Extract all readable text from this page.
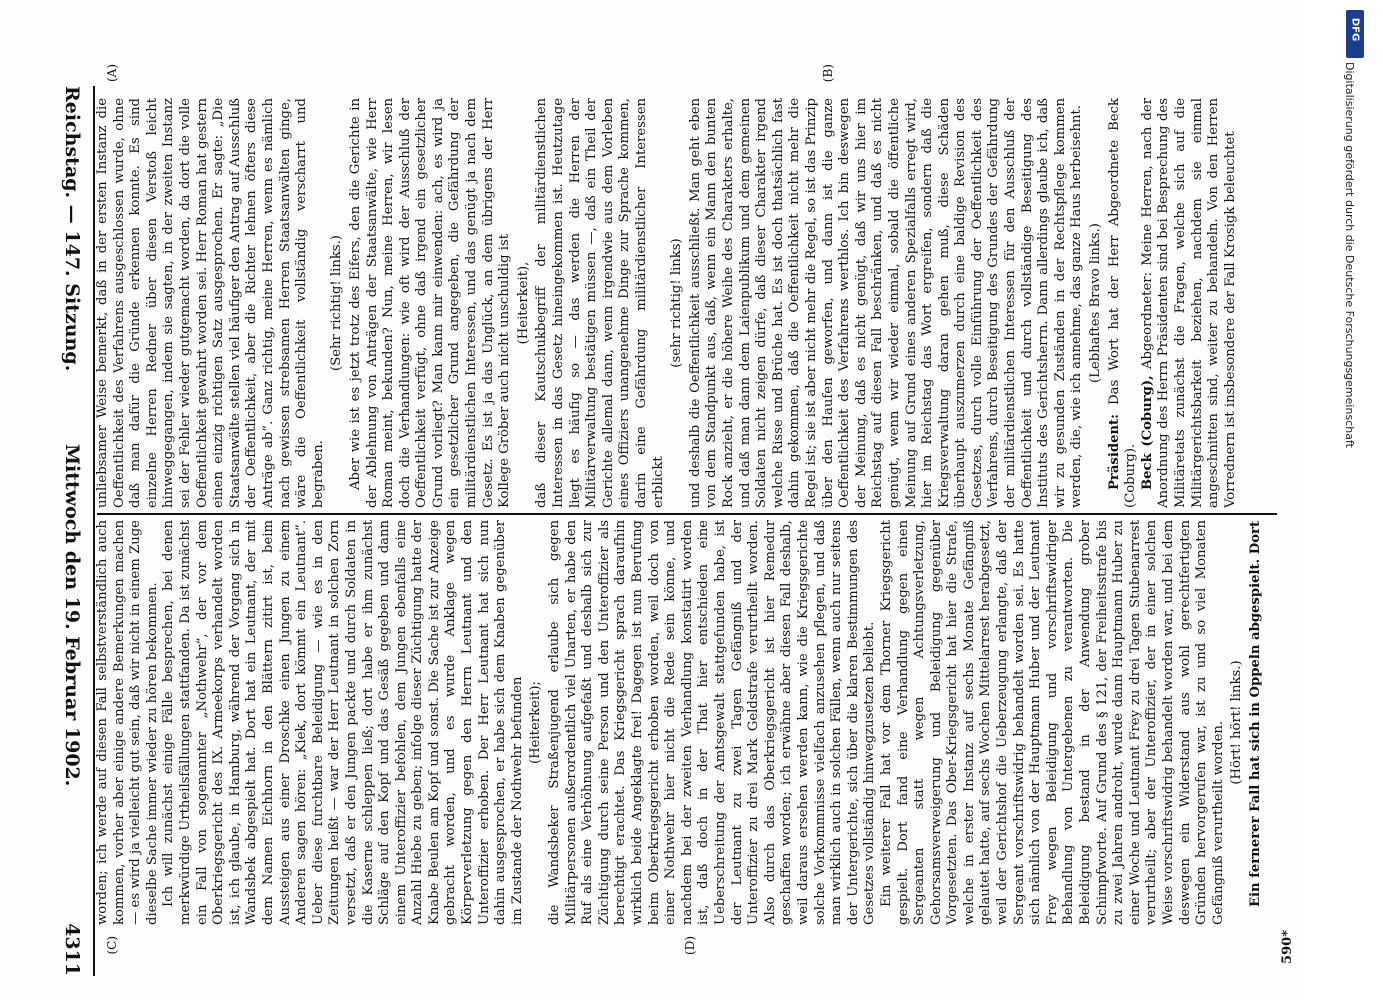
Reichstag. — 147. Sitzung.
Mittwoch den 19. Februar 1902.
4311
(A)	(B)
(C)	(D)	590*

unliebsamer Weise bemerkt, daß in der ersten Instanz die Oeffentlichkeit des Verfahrens ausgeschlossen wurde, ohne daß man dafür die Gründe erkennen konnte. Es sind einzelne Herren Redner über diesen Verstoß leicht hinweggegangen, indem sie sagten, in der zweiten Instanz sei der Fehler wieder gutgemacht worden, da dort die volle Oeffentlichkeit gewahrt worden sei. Herr Roman hat gestern einen einzig richtigen Satz ausgesprochen. Er sagte: „Die Staatsanwälte stellen viel häufiger den Antrag auf Ausschluß der Oeffentlichkeit, aber die Richter lehnen öfters diese Anträge ab“. Ganz richtig, meine Herren, wenn es nämlich nach gewissen strebsamen Herren Staatsanwälten ginge, wäre die Oeffentlichkeit vollständig verscharrt und begraben.

(Sehr richtig! links.) Aber wie ist es jetzt trotz des Eifers, den die Gerichte in der Ablehnung von Anträgen der Staatsanwälte, wie Herr Roman meint, bekunden? Nun, meine Herren, wir lesen doch die Verhandlungen: wie oft wird der Ausschluß der Oeffentlichkeit verfügt, ohne daß irgend ein gesetzlicher Grund vorliegt? Man kann mir einwenden: ach, es wird ja ein gesetzlicher Grund angegeben, die Gefährdung der militärdienstlichen Interessen, und das genügt ja nach dem Gesetz. Es ist ja das Unglück, an dem übrigens der Herr Kollege Gröber auch nicht unschuldig ist (Heiterkeit), daß dieser Kautschukbegriff der militärdienstlichen Interessen in das Gesetz hineingekommen ist. Heutzutage liegt es häufig so — das werden die Herren der Militärverwaltung bestätigen müssen —, daß ein Theil der Gerichte allemal dann, wenn irgendwie aus dem Vorleben eines Offiziers unangenehme Dinge zur Sprache kommen, darin eine Gefährdung militärdienstlicher Interessen erblickt

(sehr richtig! links) und deshalb die Oeffentlichkeit ausschließt. Man geht eben von dem Standpunkt aus, daß, wenn ein Mann den bunten Rock anzieht, er die höhere Weihe des Charakters erhalte, und daß man dann dem Laienpublikum und dem gemeinen Soldaten nicht zeigen dürfe, daß dieser Charakter irgend welche Risse und Brüche hat. Es ist doch thatsächlich fast dahin gekommen, daß die Oeffentlichkeit nicht mehr die Regel ist; sie ist aber nicht mehr die Regel, so ist das Prinzip über den Haufen geworfen, und dann ist die ganze Oeffentlichkeit des Verfahrens werthlos. Ich bin deswegen der Meinung, daß es nicht genügt, daß wir uns hier im Reichstag auf diesen Fall beschränken, und daß es nicht genügt, wenn wir wieder einmal, sobald die öffentliche Meinung auf Grund eines anderen Spezialfalls erregt wird, hier im Reichstag das Wort ergreifen, sondern daß die Kriegsverwaltung daran gehen muß, diese Schäden überhaupt auszumerzen durch eine baldige Revision des Gesetzes, durch volle Einführung der Oeffentlichkeit des Verfahrens, durch Beseitigung des Grundes der Gefährdung der militärdienstlichen Interessen für den Ausschluß der Oeffentlichkeit und durch vollständige Beseitigung des Instituts des Gerichtsherrn. Dann allerdings glaube ich, daß wir zu gesunden Zuständen in der Rechtspflege kommen werden, die, wie ich annehme, das ganze Haus herbeisehnt. (Lebhaftes Bravo links.)

Präsident: Das Wort hat der Herr Abgeordnete Beck (Coburg). Beck (Coburg), Abgeordneter: Meine Herren, nach der Anordnung des Herrn Präsidenten sind bei Besprechung des Militäretats zunächst die Fragen, welche sich auf die Militärgerichtsbarkeit beziehen, nachdem sie einmal angeschnitten sind, weiter zu behandeln. Von den Herren Vorrednern ist insbesondere der Fall Krosigk beleuchtet

worden; ich werde auf diesen Fall selbstverständlich auch kommen, vorher aber einige andere Bemerkungen machen — es wird ja vielleicht gut sein, daß wir nicht in einem Zuge dieselbe Sache immer wieder zu hören bekommen. Ich will zunächst einige Fälle besprechen, bei denen merkwürdige Urtheilsfällungen stattfanden. Da ist zunächst ein Fall von sogenannter „Nothwehr“, der vor dem Oberkriegsgericht des IX. Armeekorps verhandelt worden ist, ich glaube, in Hamburg, während der Vorgang sich in Wandsbek abgespielt hat. Dort hat ein Leutnant, der mit dem Namen Eichhorn in den Blättern zitirt ist, beim Aussteigen aus einer Droschke einen Jungen zu einem Anderen sagen hören: „Kiek, dort kömmt ein Leutnant“. Ueber diese furchtbare Beleidigung — wie es in den Zeitungen heißt — war der Herr Leutnant in solchen Zorn versetzt, daß er den Jungen packte und durch Soldaten in die Kaserne schleppen ließ; dort habe er ihm zunächst Schläge auf den Kopf und das Gesäß gegeben und dann einem Unteroffizier befohlen, dem Jungen ebenfalls eine Anzahl Hiebe zu geben; infolge dieser Züchtigung hatte der Knabe Beulen am Kopf und sonst. Die Sache ist zur Anzeige gebracht worden, und es wurde Anklage wegen Körperverletzung gegen den Herrn Leutnant und den Unteroffizier erhoben. Der Herr Leutnant hat sich nun dahin ausgesprochen, er habe sich dem Knaben gegenüber im Zustande der Nothwehr befunden (Heiterkeit); die Wandsbeker Straßenjugend erlaube sich gegen Militärpersonen außerordentlich viel Unarten, er habe den Ruf als eine Verhöhnung aufgefaßt und deshalb sich zur Züchtigung durch seine Person und den Unteroffizier als berechtigt erachtet. Das Kriegsgericht sprach daraufhin wirklich beide Angeklagte frei! Dagegen ist nun Berufung beim Oberkriegsgericht erhoben worden, weil doch von einer Nothwehr hier nicht die Rede sein könne, und nachdem bei der zweiten Verhandlung konstatirt worden ist, daß doch in der That hier entschieden eine Ueberschreitung der Amtsgewalt stattgefunden habe, ist der Leutnant zu zwei Tagen Gefängniß und der Unteroffizier zu drei Mark Geldstrafe verurtheilt worden. Also durch das Oberkriegsgericht ist hier Remedur geschaffen worden; ich erwähne aber diesen Fall deshalb, weil daraus ersehen werden kann, wie die Kriegsgerichte solche Vorkommnisse vielfach anzusehen pflegen, und daß man wirklich auch in solchen Fällen, wenn auch nur seitens der Untergerichte, sich über die klaren Bestimmungen des Gesetzes vollständig hinwegzusetzen beliebt. Ein weiterer Fall hat vor dem Thorner Kriegsgericht gespielt. Dort fand eine Verhandlung gegen einen Sergeanten statt wegen Achtungsverletzung, Gehorsamsverweigerung und Beleidigung gegenüber Vorgesetzten. Das Ober-Kriegsgericht hat hier die Strafe, welche in erster Instanz auf sechs Monate Gefängniß gelautet hatte, auf sechs Wochen Mittelarrest herabgesetzt, weil der Gerichtshof die Ueberzeugung erlangte, daß der Sergeant vorschriftswidrig behandelt worden sei. Es hatte sich nämlich von der Hauptmann Huber und der Leutnant Frey wegen Beleidigung und vorschriftswidriger Behandlung von Untergebenen zu verantworten. Die Beleidigung bestand in der Anwendung grober Schimpfworte. Auf Grund des § 121, der Freiheitsstrafe bis zu zwei Jahren androht, wurde dann Hauptmann Huber zu einer Woche und Leutnant Frey zu drei Tagen Stubenarrest verurtheilt; aber der Unteroffizier, der in einer solchen Weise vorschriftswidrig behandelt worden war, und bei dem deswegen ein Widerstand aus wohl gerechtfertigten Gründen hervorgerufen war, ist zu und so viel Monaten Gefängniß verurtheilt worden. (Hört! hört! links.) Ein fernerer Fall hat sich in Oppeln abgespielt. Dort

DFG
Digitalisierung gefördert durch die Deutsche Forschungsgemeinschaft
